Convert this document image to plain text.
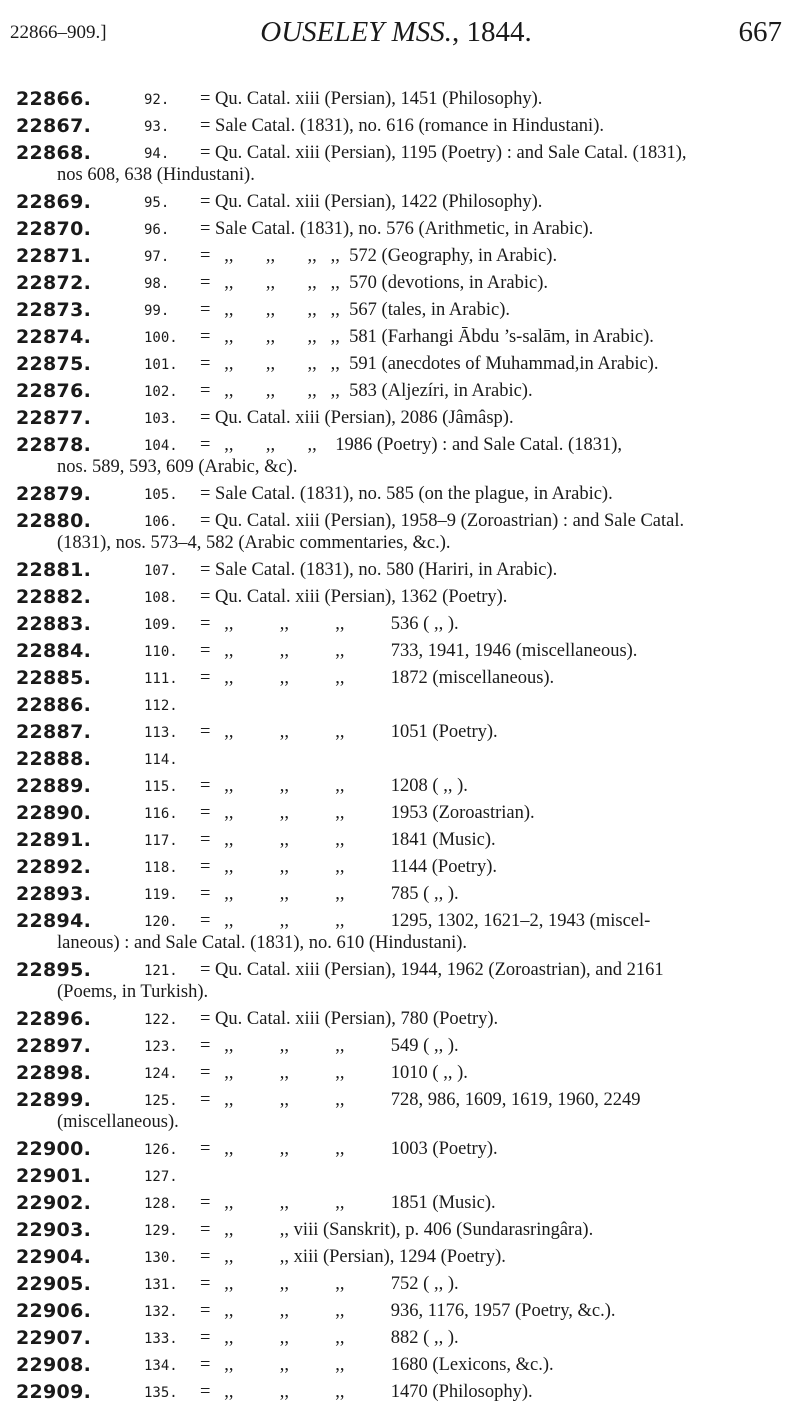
22866–909.]	OUSELEY MSS., 1844.	667
22866.	92. = Qu. Catal. xiii (Persian), 1451 (Philosophy).
22867.	93. = Sale Catal. (1831), no. 616 (romance in Hindustani).
22868.	94. = Qu. Catal. xiii (Persian), 1195 (Poetry) : and Sale Catal. (1831),
nos 608, 638 (Hindustani).
22869.	95. = Qu. Catal. xiii (Persian), 1422 (Philosophy).
22870.	96. = Sale Catal. (1831), no. 576 (Arithmetic, in Arabic).
22871.	97. =   ,,       ,,       ,,   ,,  572 (Geography, in Arabic).
22872.	98. =   ,,       ,,       ,,   ,,  570 (devotions, in Arabic).
22873.	99. =   ,,       ,,       ,,   ,,  567 (tales, in Arabic).
22874.	100. =   ,,       ,,       ,,   ,,  581 (Farhangi Ābdu ’s-salām, in Arabic).
22875.	101. =   ,,       ,,       ,,   ,,  591 (anecdotes of Muhammad,in Arabic).
22876.	102. =   ,,       ,,       ,,   ,,  583 (Aljezíri, in Arabic).
22877.	103. = Qu. Catal. xiii (Persian), 2086 (Jâmâsp).
22878.	104. =   ,,       ,,       ,,    1986 (Poetry) : and Sale Catal. (1831),
nos. 589, 593, 609 (Arabic, &c).
22879.	105. = Sale Catal. (1831), no. 585 (on the plague, in Arabic).
22880.	106. = Qu. Catal. xiii (Persian), 1958–9 (Zoroastrian) : and Sale Catal.
(1831), nos. 573–4, 582 (Arabic commentaries, &c.).
22881.	107. = Sale Catal. (1831), no. 580 (Hariri, in Arabic).
22882.	108. = Qu. Catal. xiii (Persian), 1362 (Poetry).
22883.	109. =   ,,          ,,          ,,          536 ( ,, ).
22884.	110. =   ,,          ,,          ,,          733, 1941, 1946 (miscellaneous).
22885.	111. =   ,,          ,,          ,,          1872 (miscellaneous).
22886.	112.
22887.	113. =   ,,          ,,          ,,          1051 (Poetry).
22888.	114.
22889.	115. =   ,,          ,,          ,,          1208 ( ,, ).
22890.	116. =   ,,          ,,          ,,          1953 (Zoroastrian).
22891.	117. =   ,,          ,,          ,,          1841 (Music).
22892.	118. =   ,,          ,,          ,,          1144 (Poetry).
22893.	119. =   ,,          ,,          ,,          785 ( ,, ).
22894.	120. =   ,,          ,,          ,,          1295, 1302, 1621–2, 1943 (miscel-
laneous) : and Sale Catal. (1831), no. 610 (Hindustani).
22895.	121. = Qu. Catal. xiii (Persian), 1944, 1962 (Zoroastrian), and 2161
(Poems, in Turkish).
22896.	122. = Qu. Catal. xiii (Persian), 780 (Poetry).
22897.	123. =   ,,          ,,          ,,          549 ( ,, ).
22898.	124. =   ,,          ,,          ,,          1010 ( ,, ).
22899.	125. =   ,,          ,,          ,,          728, 986, 1609, 1619, 1960, 2249
(miscellaneous).
22900.	126. =   ,,          ,,          ,,          1003 (Poetry).
22901.	127.
22902.	128. =   ,,          ,,          ,,          1851 (Music).
22903.	129. =   ,,          ,, viii (Sanskrit), p. 406 (Sundarasringâra).
22904.	130. =   ,,          ,, xiii (Persian), 1294 (Poetry).
22905.	131. =   ,,          ,,          ,,          752 ( ,, ).
22906.	132. =   ,,          ,,          ,,          936, 1176, 1957 (Poetry, &c.).
22907.	133. =   ,,          ,,          ,,          882 ( ,, ).
22908.	134. =   ,,          ,,          ,,          1680 (Lexicons, &c.).
22909.	135. =   ,,          ,,          ,,          1470 (Philosophy).
